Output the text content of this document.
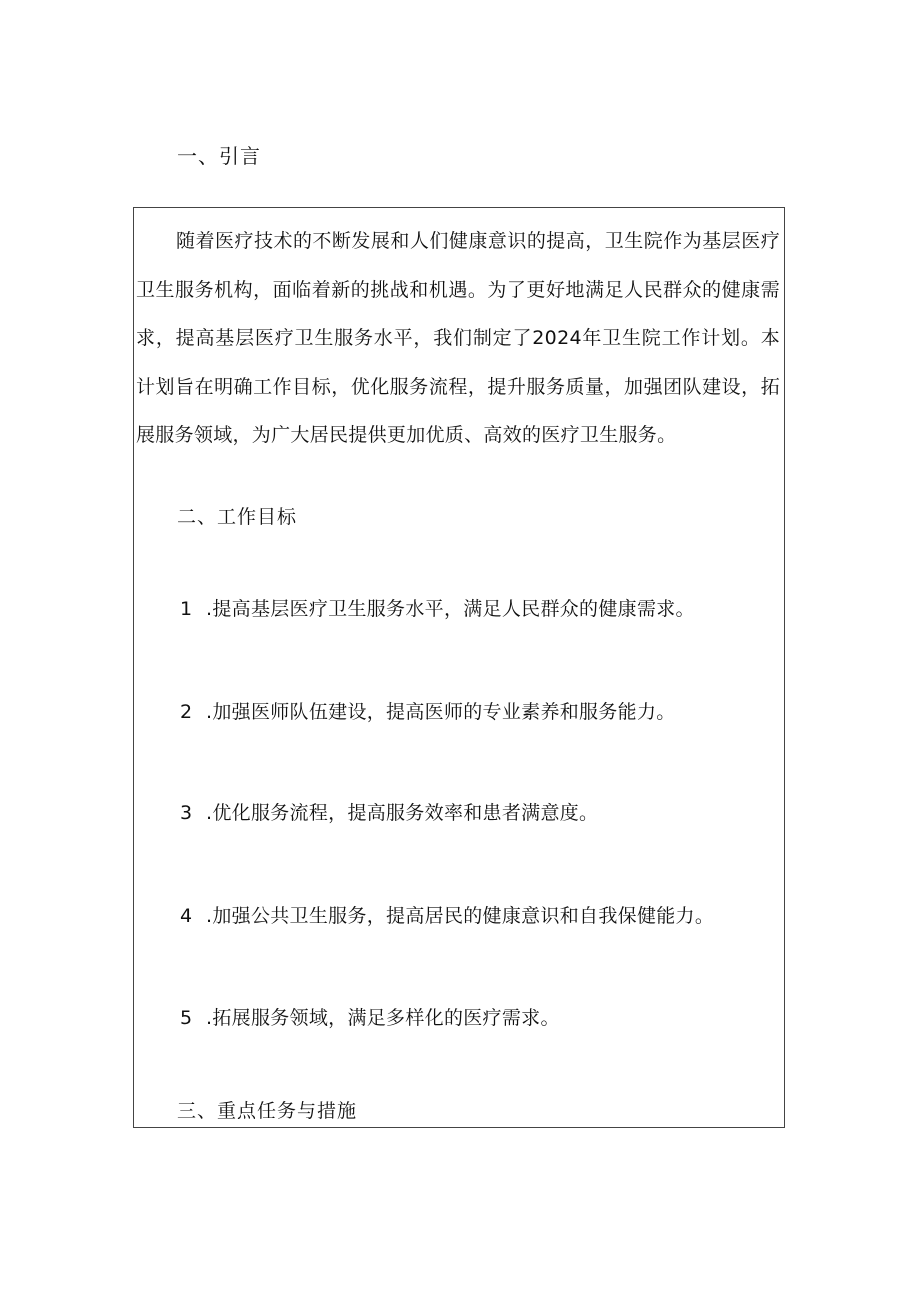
一、引言

随着医疗技术的不断发展和人们健康意识的提高，卫生院作为基层医疗卫生服务机构，面临着新的挑战和机遇。为了更好地满足人民群众的健康需求，提高基层医疗卫生服务水平，我们制定了2024年卫生院工作计划。本计划旨在明确工作目标，优化服务流程，提升服务质量，加强团队建设，拓展服务领域，为广大居民提供更加优质、高效的医疗卫生服务。

二、工作目标
1 .提高基层医疗卫生服务水平，满足人民群众的健康需求。
2 .加强医师队伍建设，提高医师的专业素养和服务能力。
3 .优化服务流程，提高服务效率和患者满意度。
4 .加强公共卫生服务，提高居民的健康意识和自我保健能力。
5 .拓展服务领域，满足多样化的医疗需求。
三、重点任务与措施
